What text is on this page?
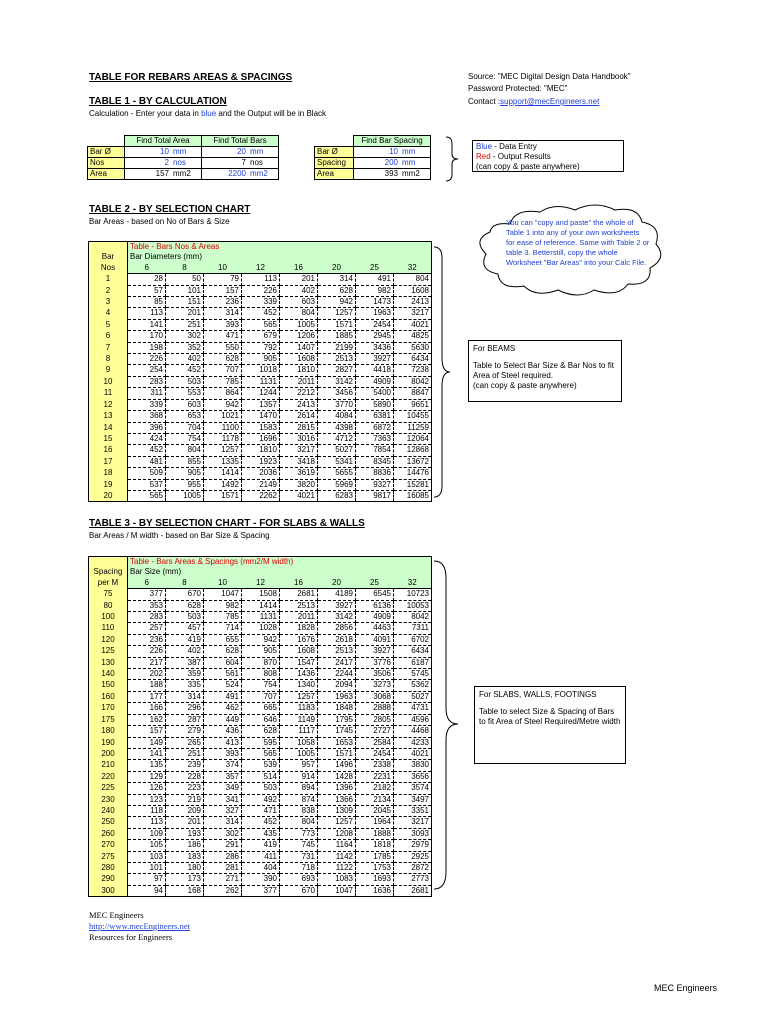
TABLE FOR REBARS AREAS & SPACINGS	Source: "MEC Digital Design Data Handbook"
Password Protected: "MEC"
Contact :support@mecEngineers.net
TABLE 1 - BY CALCULATION
Calculation - Enter your data in blue and the Output will be in Black
	Find Total Area		Find Total Bars	
Bar Ø	10	mm	20	mm
Nos	2	nos	7	nos
Area	157	mm2	2200	mm2
	Find Bar Spacing	
Bar Ø	10	mm
Spacing	200	mm
Area	393	mm2
Blue - Data Entry
Red - Output Results
(can copy & paste anywhere)
TABLE 2 - BY SELECTION CHART
Bar Areas - based on No of Bars & Size	You can "copy and paste" the whole of Table 1 into any of your own worksheets for ease of reference. Same with Table 2 or table 3. Betterstill, copy the whole Worksheet "Bar Areas" into your Calc File.
	Table - Bars Nos & Areas							
Bar	Bar Diameters (mm)							
Nos	6	8	10	12	16	20	25	32
1	28	50	79	113	201	314	491	804
2	57	101	157	226	402	628	982	1608
3	85	151	236	339	603	942	1473	2413
4	113	201	314	452	804	1257	1963	3217
5	141	251	393	565	1005	1571	2454	4021
6	170	302	471	679	1206	1885	2945	4825
7	198	352	550	792	1407	2199	3436	5630
8	226	402	628	905	1608	2513	3927	6434
9	254	452	707	1018	1810	2827	4418	7238
10	283	503	785	1131	2011	3142	4909	8042
11	311	553	864	1244	2212	3456	5400	8847
12	339	603	942	1357	2413	3770	5890	9651
13	368	653	1021	1470	2614	4084	6381	10455
14	396	704	1100	1583	2815	4398	6872	11259
15	424	754	1178	1696	3016	4712	7363	12064
16	452	804	1257	1810	3217	5027	7854	12868
17	481	855	1335	1923	3418	5341	8345	13672
18	509	905	1414	2036	3619	5655	8836	14476
19	537	955	1492	2149	3820	5969	9327	15281
20	565	1005	1571	2262	4021	6283	9817	16085
For BEAMS
Table to Select Bar Size & Bar Nos to fit Area of Steel required.
(can copy & paste anywhere)
TABLE 3 - BY SELECTION CHART - FOR SLABS & WALLS
Bar Areas / M width - based on Bar Size & Spacing
	Table - Bars Areas & Spacings (mm2/M width)							
Spacing	Bar Size (mm)							
per M	6	8	10	12	16	20	25	32
75	377	670	1047	1508	2681	4189	6545	10723
80	353	628	982	1414	2513	3927	6136	10053
100	283	503	785	1131	2011	3142	4909	8042
110	257	457	714	1028	1828	2856	4463	7311
120	236	419	655	942	1676	2618	4091	6702
125	226	402	628	905	1608	2513	3927	6434
130	217	387	604	870	1547	2417	3776	6187
140	202	359	561	808	1436	2244	3506	5745
150	188	335	524	754	1340	2094	3273	5362
160	177	314	491	707	1257	1963	3068	5027
170	166	296	462	665	1183	1848	2888	4731
175	162	287	449	646	1149	1795	2805	4596
180	157	279	436	628	1117	1745	2727	4468
190	149	265	413	595	1058	1653	2584	4233
200	141	251	393	565	1005	1571	2454	4021
210	135	239	374	539	957	1496	2338	3830
220	129	228	357	514	914	1428	2231	3656
225	126	223	349	503	894	1396	2182	3574
230	123	219	341	492	874	1366	2134	3497
240	118	209	327	471	838	1309	2045	3351
250	113	201	314	452	804	1257	1964	3217
260	109	193	302	435	773	1208	1888	3093
270	105	186	291	419	745	1164	1818	2979
275	103	183	286	411	731	1142	1785	2925
280	101	180	281	404	718	1122	1753	2872
290	97	173	271	390	693	1083	1693	2773
300	94	168	262	377	670	1047	1636	2681
For SLABS, WALLS, FOOTINGS
Table to select Size & Spacing of Bars to fit Area of Steel Required/Metre width
MEC Engineers
http://www.mecEngineers.net
Resources for Engineers
MEC Engineers
